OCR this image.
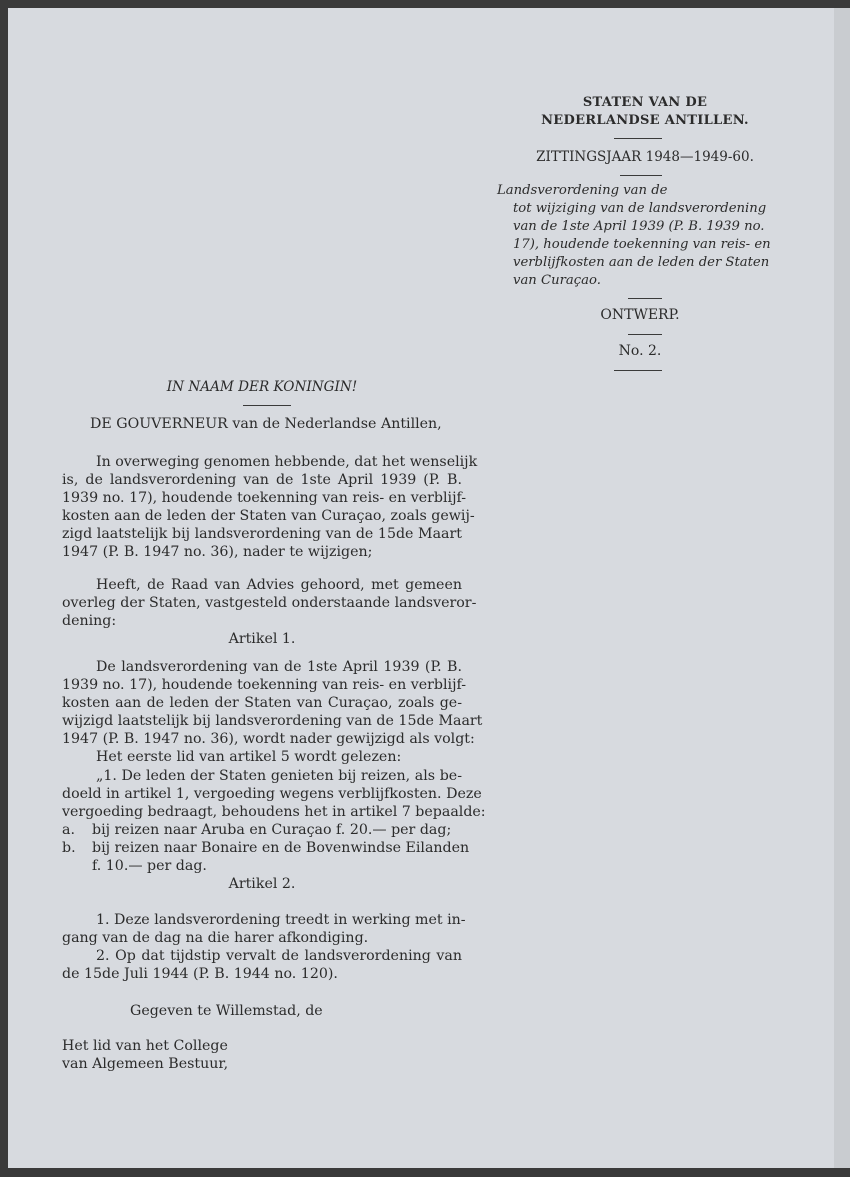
STATEN VAN DE
NEDERLANDSE ANTILLEN.
ZITTINGSJAAR 1948—1949-60.
Landsverordening van de
tot wijziging van de landsverordening
van de 1ste April 1939 (P. B. 1939 no.
17), houdende toekenning van reis- en
verblijfkosten aan de leden der Staten
van Curaçao.
ONTWERP.
No. 2.
IN NAAM DER KONINGIN!
DE GOUVERNEUR van de Nederlandse Antillen,
In overweging genomen hebbende, dat het wenselijk
is, de landsverordening van de 1ste April 1939 (P. B.
1939 no. 17), houdende toekenning van reis- en verblijf-
kosten aan de leden der Staten van Curaçao, zoals gewij-
zigd laatstelijk bij landsverordening van de 15de Maart
1947 (P. B. 1947 no. 36), nader te wijzigen;
Heeft, de Raad van Advies gehoord, met gemeen
overleg der Staten, vastgesteld onderstaande landsveror-
dening:
Artikel 1.
De landsverordening van de 1ste April 1939 (P. B.
1939 no. 17), houdende toekenning van reis- en verblijf-
kosten aan de leden der Staten van Curaçao, zoals ge-
wijzigd laatstelijk bij landsverordening van de 15de Maart
1947 (P. B. 1947 no. 36), wordt nader gewijzigd als volgt:
Het eerste lid van artikel 5 wordt gelezen:
„1. De leden der Staten genieten bij reizen, als be-
doeld in artikel 1, vergoeding wegens verblijfkosten. Deze
vergoeding bedraagt, behoudens het in artikel 7 bepaalde:
a. bij reizen naar Aruba en Curaçao f. 20.— per dag;
b. bij reizen naar Bonaire en de Bovenwindse Eilanden
f. 10.— per dag.
Artikel 2.
1. Deze landsverordening treedt in werking met in-
gang van de dag na die harer afkondiging.
2. Op dat tijdstip vervalt de landsverordening van
de 15de Juli 1944 (P. B. 1944 no. 120).
Gegeven te Willemstad, de
Het lid van het College
van Algemeen Bestuur,
